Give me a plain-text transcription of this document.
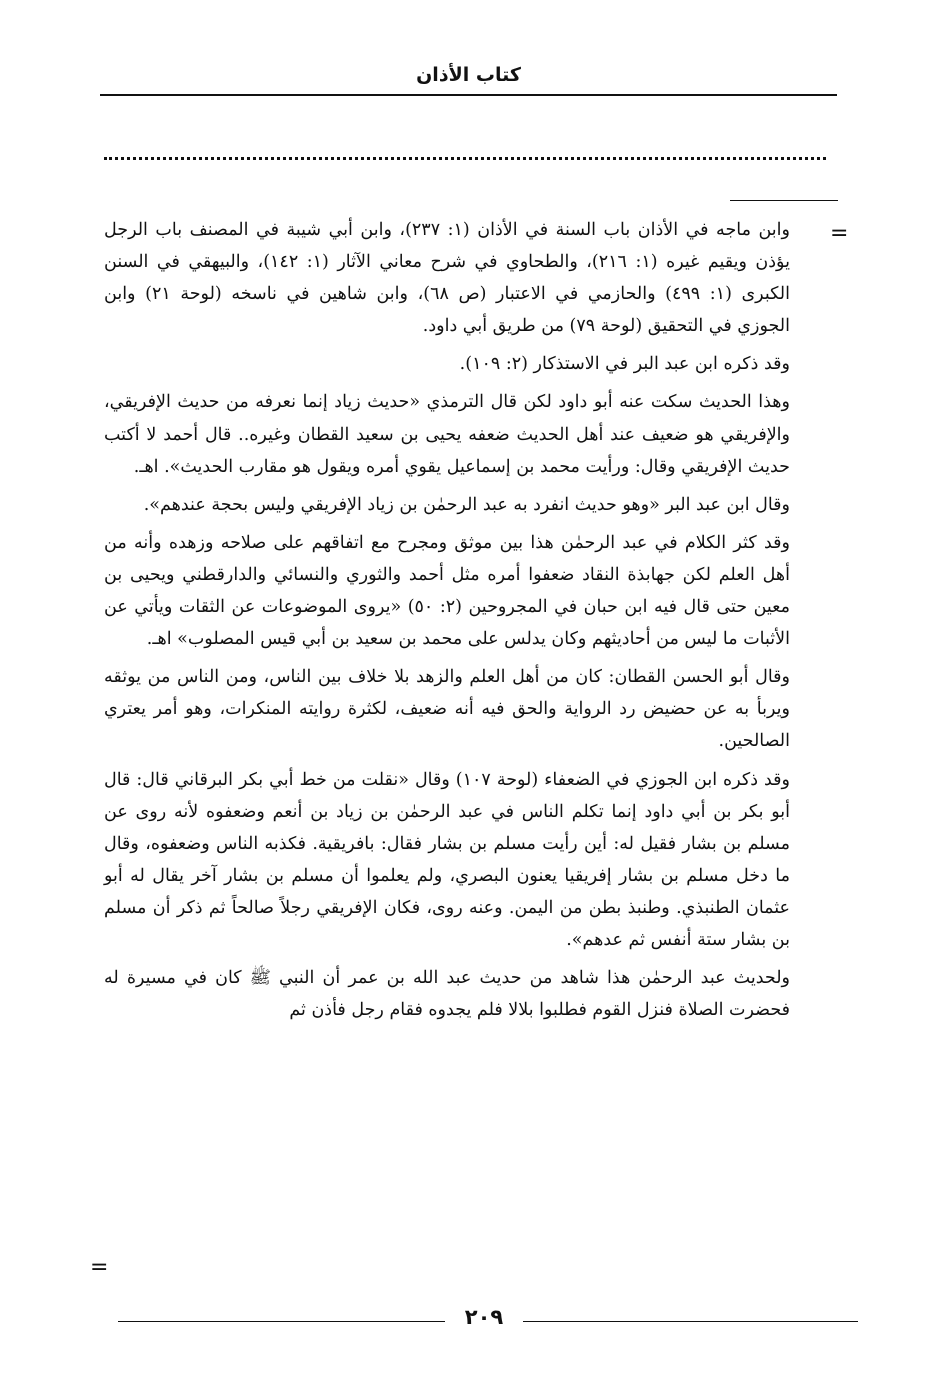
كتاب الأذان
=

وابن ماجه في الأذان باب السنة في الأذان (١: ٢٣٧)، وابن أبي شيبة في المصنف باب الرجل يؤذن ويقيم غيره (١: ٢١٦)، والطحاوي في شرح معاني الآثار (١: ١٤٢)، والبيهقي في السنن الكبرى (١: ٤٩٩) والحازمي في الاعتبار (ص ٦٨)، وابن شاهين في ناسخه (لوحة ٢١) وابن الجوزي في التحقيق (لوحة ٧٩) من طريق أبي داود.

وقد ذكره ابن عبد البر في الاستذكار (٢: ١٠٩).

وهذا الحديث سكت عنه أبو داود لكن قال الترمذي «حديث زياد إنما نعرفه من حديث الإفريقي، والإفريقي هو ضعيف عند أهل الحديث ضعفه يحيى بن سعيد القطان وغيره.. قال أحمد لا أكتب حديث الإفريقي وقال: ورأيت محمد بن إسماعيل يقوي أمره ويقول هو مقارب الحديث». اهـ.

وقال ابن عبد البر «وهو حديث انفرد به عبد الرحمٰن بن زياد الإفريقي وليس بحجة عندهم».

وقد كثر الكلام في عبد الرحمٰن هذا بين موثق ومجرح مع اتفاقهم على صلاحه وزهده وأنه من أهل العلم لكن جهابذة النقاد ضعفوا أمره مثل أحمد والثوري والنسائي والدارقطني ويحيى بن معين حتى قال فيه ابن حبان في المجروحين (٢: ٥٠) «يروى الموضوعات عن الثقات ويأتي عن الأثبات ما ليس من أحاديثهم وكان يدلس على محمد بن سعيد بن أبي قيس المصلوب» اهـ.

وقال أبو الحسن القطان: كان من أهل العلم والزهد بلا خلاف بين الناس، ومن الناس من يوثقه ويربأ به عن حضيض رد الرواية والحق فيه أنه ضعيف، لكثرة روايته المنكرات، وهو أمر يعتري الصالحين.

وقد ذكره ابن الجوزي في الضعفاء (لوحة ١٠٧) وقال «نقلت من خط أبي بكر البرقاني قال: قال أبو بكر بن أبي داود إنما تكلم الناس في عبد الرحمٰن بن زياد بن أنعم وضعفوه لأنه روى عن مسلم بن بشار فقيل له: أين رأيت مسلم بن بشار فقال: بافريقية. فكذبه الناس وضعفوه، وقال ما دخل مسلم بن بشار إفريقيا يعنون البصري، ولم يعلموا أن مسلم بن بشار آخر يقال له أبو عثمان الطنبذي. وطنبذ بطن من اليمن. وعنه روى، فكان الإفريقي رجلاً صالحاً ثم ذكر أن مسلم بن بشار ستة أنفس ثم عدهم».

ولحديث عبد الرحمٰن هذا شاهد من حديث عبد الله بن عمر أن النبي ﷺ كان في مسيرة له فحضرت الصلاة فنزل القوم فطلبوا بلالا فلم يجدوه فقام رجل فأذن ثم

=
٢٠٩
